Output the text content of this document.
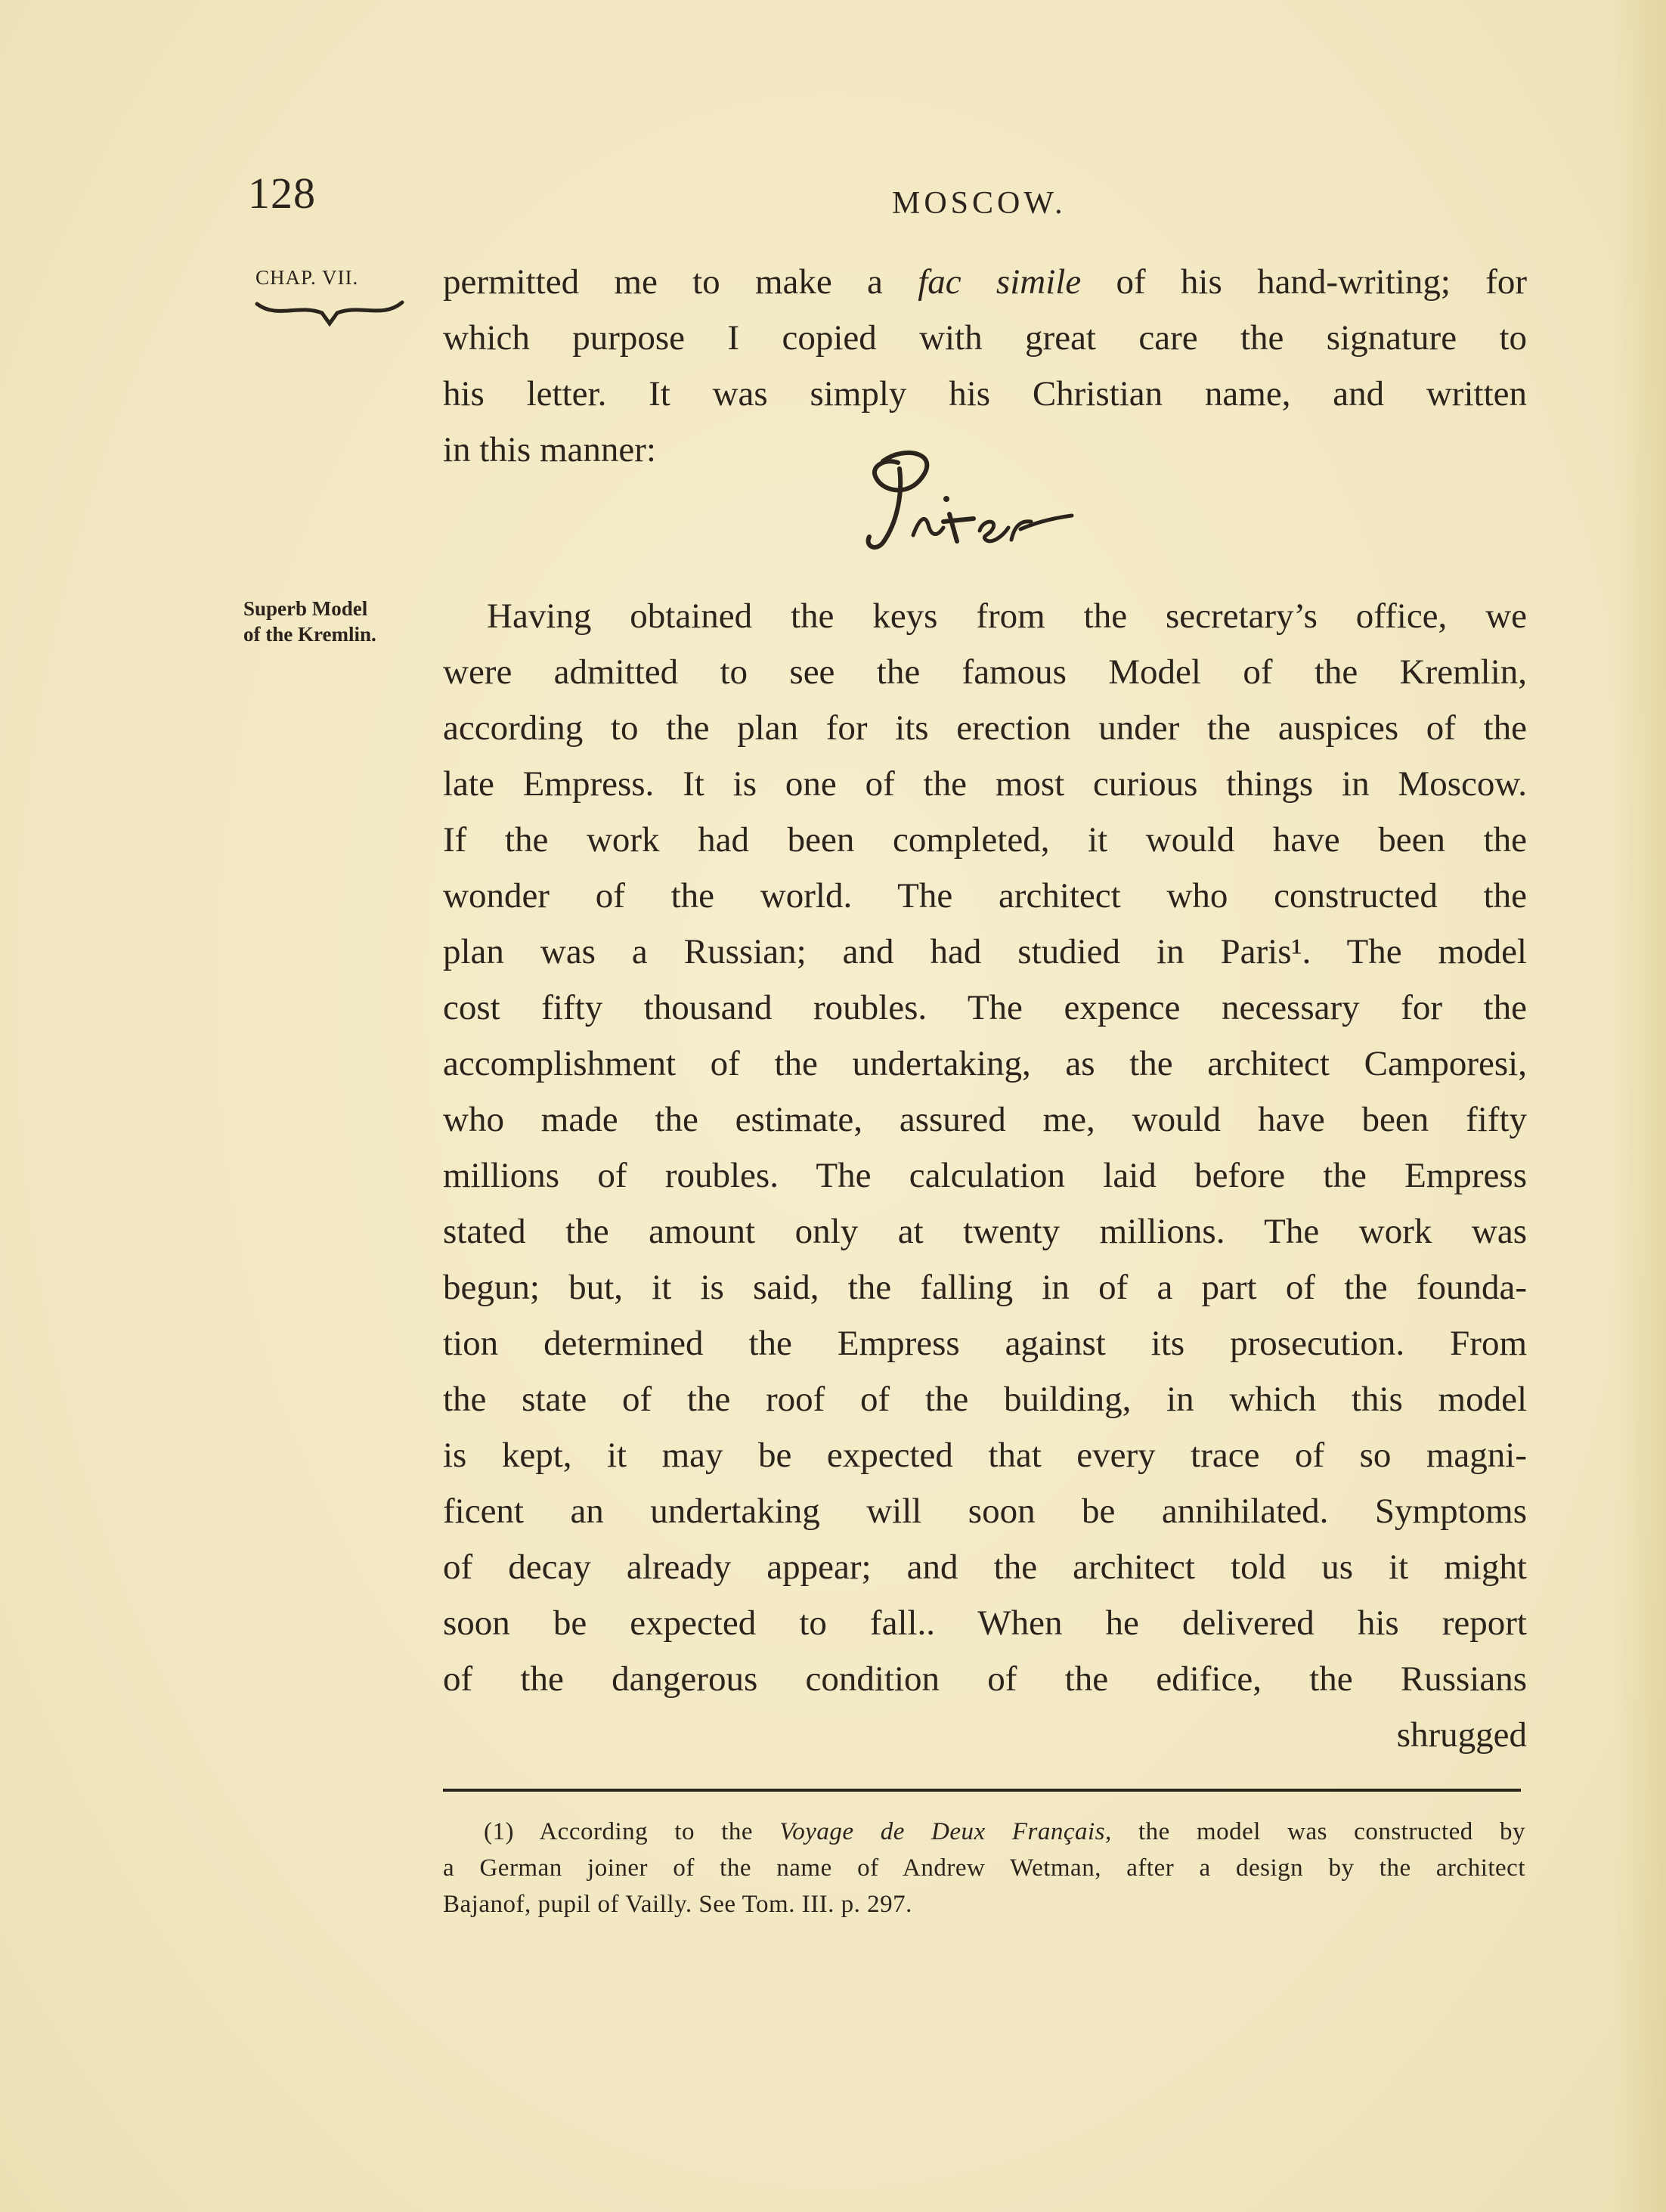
128	MOSCOW.
CHAP. VII.
Superb Model
of the Kremlin.
permitted me to make a fac simile of his hand-writing; for
which purpose I copied with great care the signature to
his letter. It was simply his Christian name, and written
in this manner:
Having obtained the keys from the secretary’s office, we
were admitted to see the famous Model of the Kremlin,
according to the plan for its erection under the auspices of the
late Empress. It is one of the most curious things in Moscow.
If the work had been completed, it would have been the
wonder of the world. The architect who constructed the
plan was a Russian; and had studied in Paris¹. The model
cost fifty thousand roubles. The expence necessary for the
accomplishment of the undertaking, as the architect Camporesi,
who made the estimate, assured me, would have been fifty
millions of roubles. The calculation laid before the Empress
stated the amount only at twenty millions. The work was
begun; but, it is said, the falling in of a part of the founda-
tion determined the Empress against its prosecution. From
the state of the roof of the building, in which this model
is kept, it may be expected that every trace of so magni-
ficent an undertaking will soon be annihilated. Symptoms
of decay already appear; and the architect told us it might
soon be expected to fall.. When he delivered his report
of the dangerous condition of the edifice, the Russians
shrugged
(1) According to the Voyage de Deux Français, the model was constructed by
a German joiner of the name of Andrew Wetman, after a design by the architect
Bajanof, pupil of Vailly. See Tom. III. p. 297.
